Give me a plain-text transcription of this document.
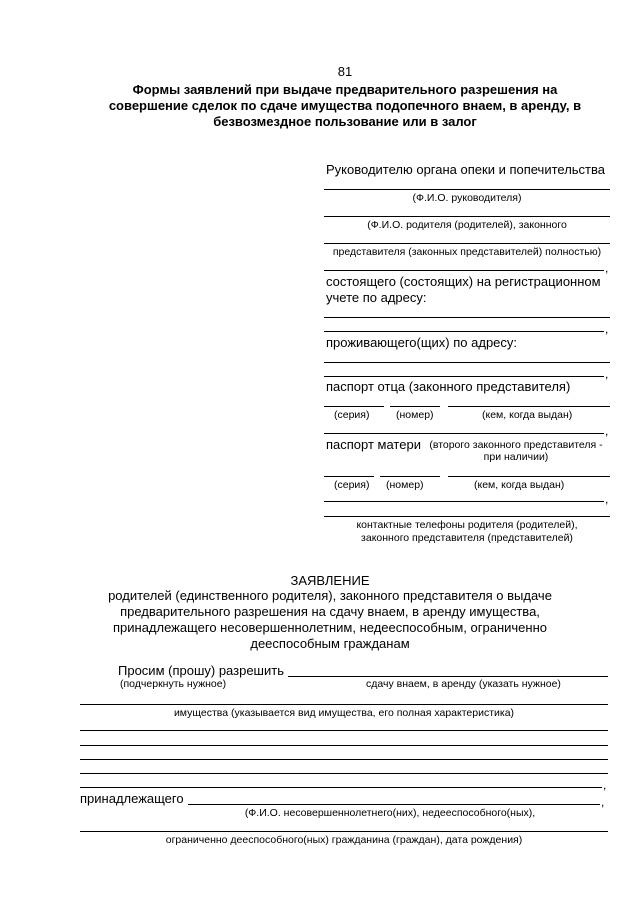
81
Формы заявлений при выдаче предварительного разрешения на совершение сделок по сдаче имущества подопечного внаем, в аренду, в безвозмездное пользование или в залог
Руководителю органа опеки и попечительства
(Ф.И.О. руководителя)
(Ф.И.О. родителя (родителей), законного
представителя (законных представителей) полностью)
,
состоящего (состоящих) на регистрационном учете по адресу:
,
проживающего(щих) по адресу:
,
паспорт отца (законного представителя)
(серия)	(номер)	(кем, когда выдан)
,
паспорт матери (второго законного представителя - при наличии)
(серия) (номер)	(кем, когда выдан)
,
контактные телефоны родителя (родителей),
законного представителя (представителей)
ЗАЯВЛЕНИЕ
родителей (единственного родителя), законного представителя о выдаче предварительного разрешения на сдачу внаем, в аренду имущества, принадлежащего несовершеннолетним, недееспособным, ограниченно дееспособным гражданам
Просим (прошу) разрешить
(подчеркнуть нужное)	сдачу внаем, в аренду (указать нужное)
имущества (указывается вид имущества, его полная характеристика)
,
принадлежащего	,
(Ф.И.О. несовершеннолетнего(них), недееспособного(ных),
ограниченно дееспособного(ных) гражданина (граждан), дата рождения)
